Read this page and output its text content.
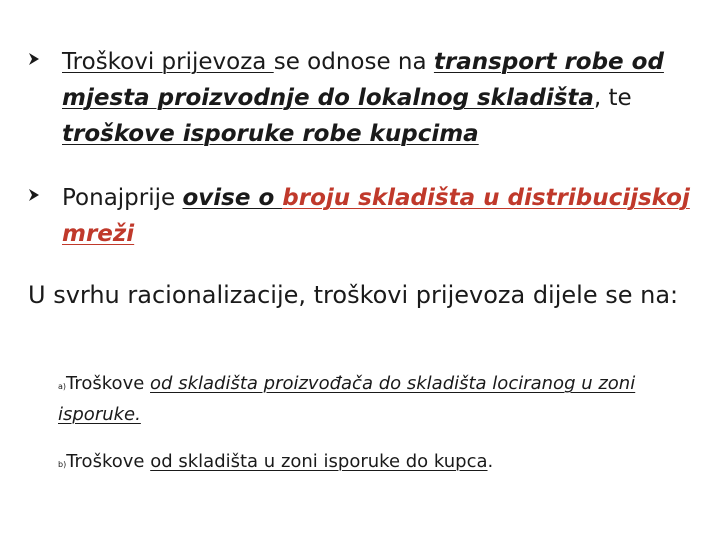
Troškovi prijevoza se odnose na transport robe od mjesta proizvodnje do lokalnog skladišta, te troškove isporuke robe kupcima
Ponajprije ovise o broju skladišta u distribucijskoj mreži
U svrhu racionalizacije, troškovi prijevoza dijele se na:
a)Troškove od skladišta proizvođača do skladišta lociranog u zoni isporuke.
b)Troškove od skladišta u zoni isporuke do kupca.
